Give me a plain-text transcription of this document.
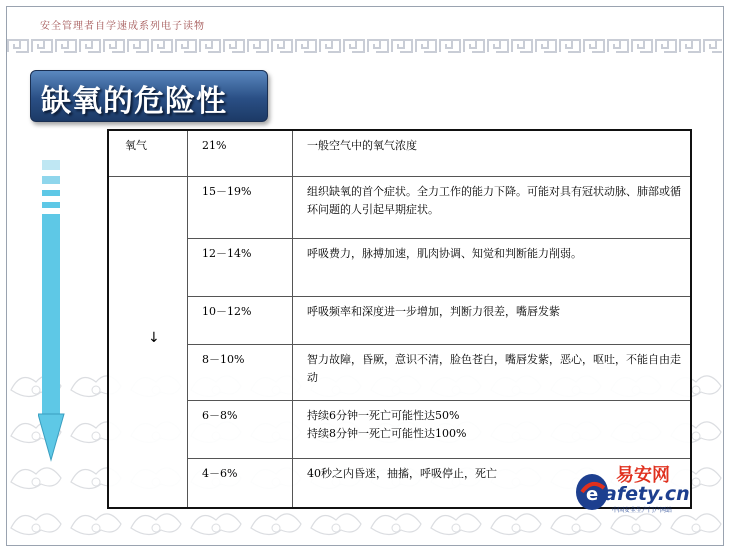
安全管理者自学速成系列电子读物
缺氧的危险性
氧气	21%	一般空气中的氧气浓度

	15－19%	组织缺氧的首个症状。全力工作的能力下降。可能对具有冠状动脉、肺部或循环问题的人引起早期症状。

	12－14%	呼吸费力，脉搏加速，肌肉协调、知觉和判断能力削弱。

	10－12%	呼吸频率和深度进一步增加，判断力很差，嘴唇发紫

	8－10%	智力故障，昏厥，意识不清，脸色苍白，嘴唇发紫，恶心，呕吐，不能自由走动

	6－8%	持续6分钟一死亡可能性达50%
持续8分钟一死亡可能性达100%

	4－6%	40秒之内昏迷，抽搐，呼吸停止，死亡
↓
e
易安网
afety.cn
中国安全生产门户网站
